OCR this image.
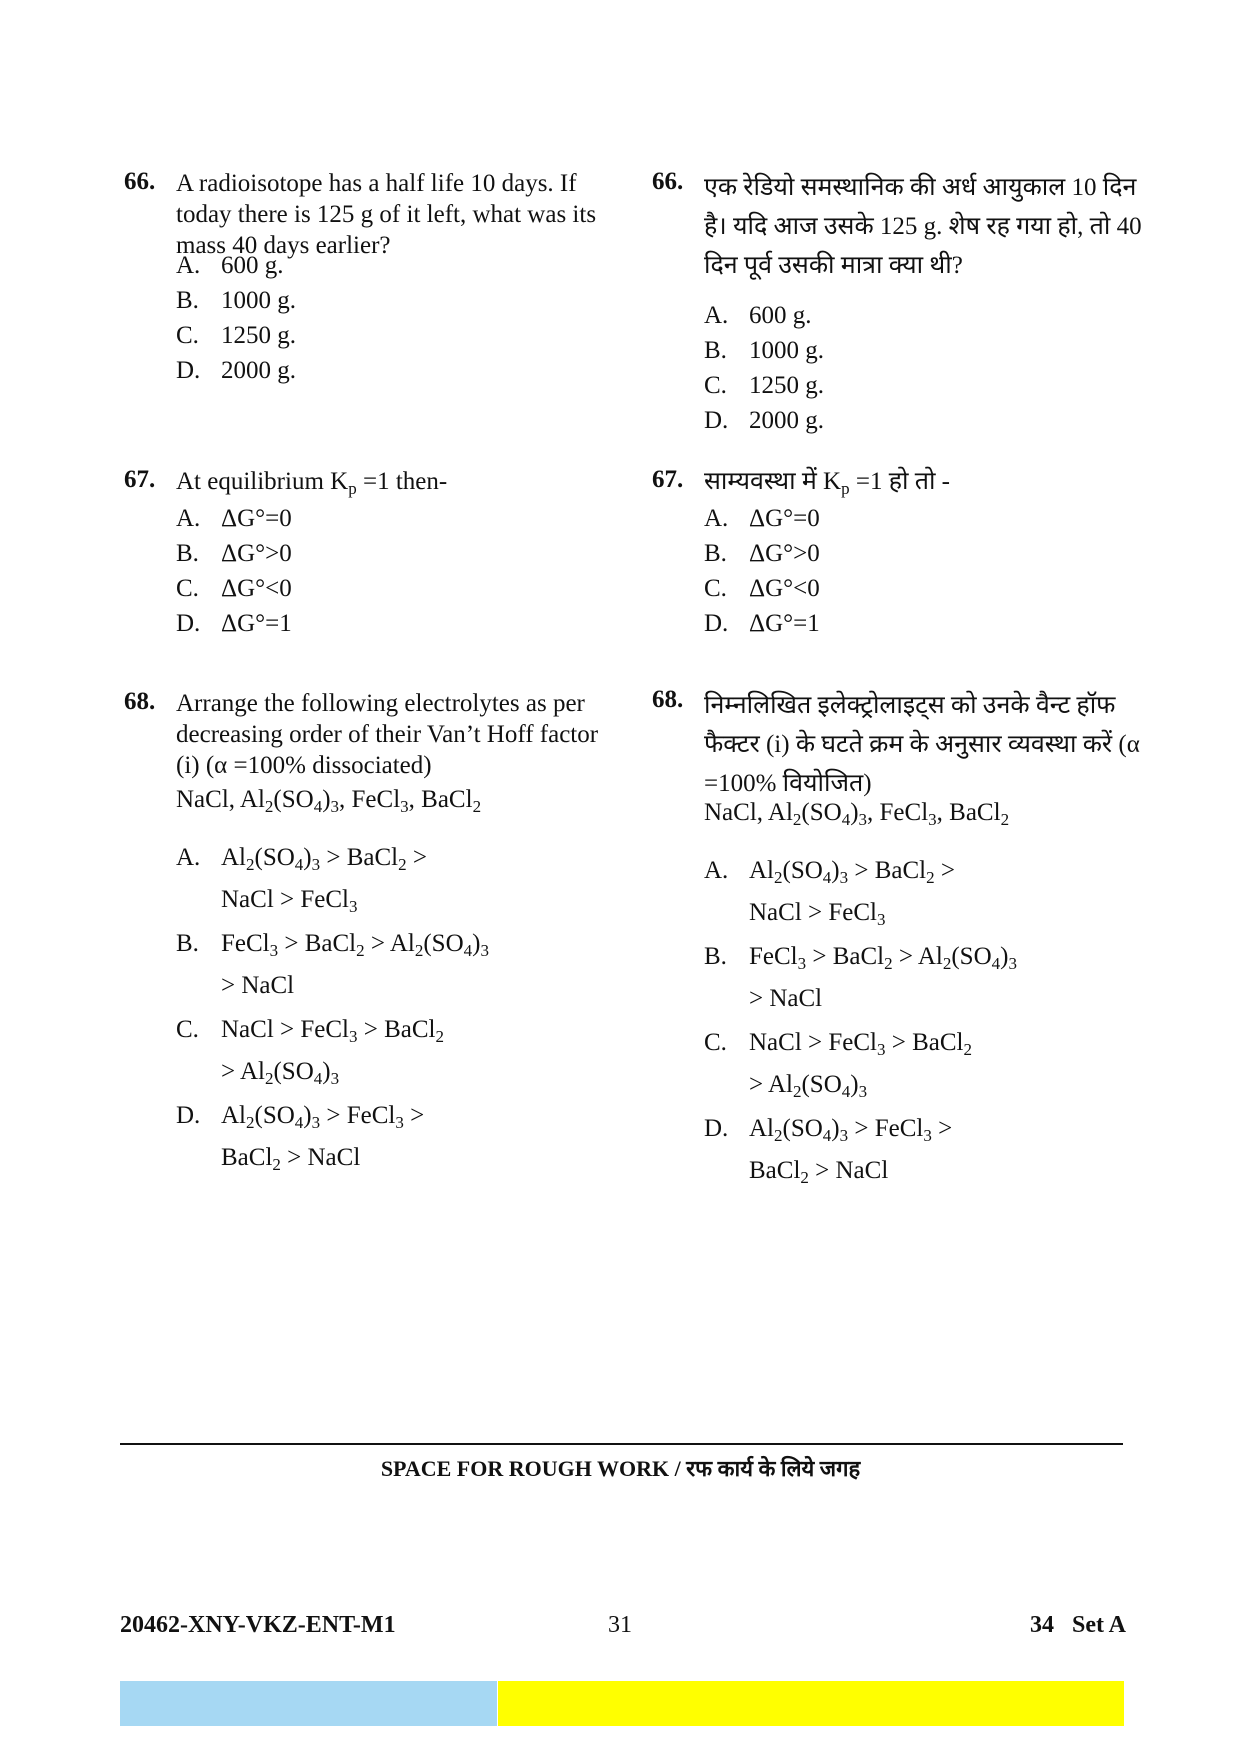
66. A radioisotope has a half life 10 days. If today there is 125 g of it left, what was its mass 40 days earlier?
A. 600 g.
B. 1000 g.
C. 1250 g.
D. 2000 g.
67. At equilibrium $K_p =1$ then-
A. ΔG°=0
B. ΔG°>0
C. ΔG°<0
D. ΔG°=1
68. Arrange the following electrolytes as per decreasing order of their Van’t Hoff factor (i) (α =100% dissociated)
NaCl, $Al_2(SO_4)_3$, FeCl$_3$, BaCl$_2$
A. $Al_2(SO_4)_3$ > BaCl$_2$ >
NaCl > FeCl$_3$
B. FeCl$_3$ > BaCl$_2$ > $Al_2(SO_4)_3$
> NaCl
C. NaCl > FeCl$_3$ > BaCl$_2$
> $Al_2(SO_4)_3$
D. $Al_2(SO_4)_3$ > FeCl$_3$ >
BaCl$_2$ > NaCl
66. एक रेडियो समस्थानिक की अर्ध आयुकाल 10 दिन है। यदि आज उसके 125 g. शेष रह गया हो, तो 40 दिन पूर्व उसकी मात्रा क्या थी?
A. 600 g.
B. 1000 g.
C. 1250 g.
D. 2000 g.
67. साम्यवस्था में $K_p =1$ हो तो -
A. ΔG°=0
B. ΔG°>0
C. ΔG°<0
D. ΔG°=1
68. निम्नलिखित इलेक्ट्रोलाइट्स को उनके वैन्ट हॉफ फैक्टर (i) के घटते क्रम के अनुसार व्यवस्था करें (α =100% वियोजित)
NaCl, $Al_2(SO_4)_3$, FeCl$_3$, BaCl$_2$
A. $Al_2(SO_4)_3$ > BaCl$_2$ >
NaCl > FeCl$_3$
B. FeCl$_3$ > BaCl$_2$ > $Al_2(SO_4)_3$
> NaCl
C. NaCl > FeCl$_3$ > BaCl$_2$
> $Al_2(SO_4)_3$
D. $Al_2(SO_4)_3$ > FeCl$_3$ >
BaCl$_2$ > NaCl
SPACE FOR ROUGH WORK / रफ कार्य के लिये जगह
20462-XNY-VKZ-ENT-M1	31	34   Set A
